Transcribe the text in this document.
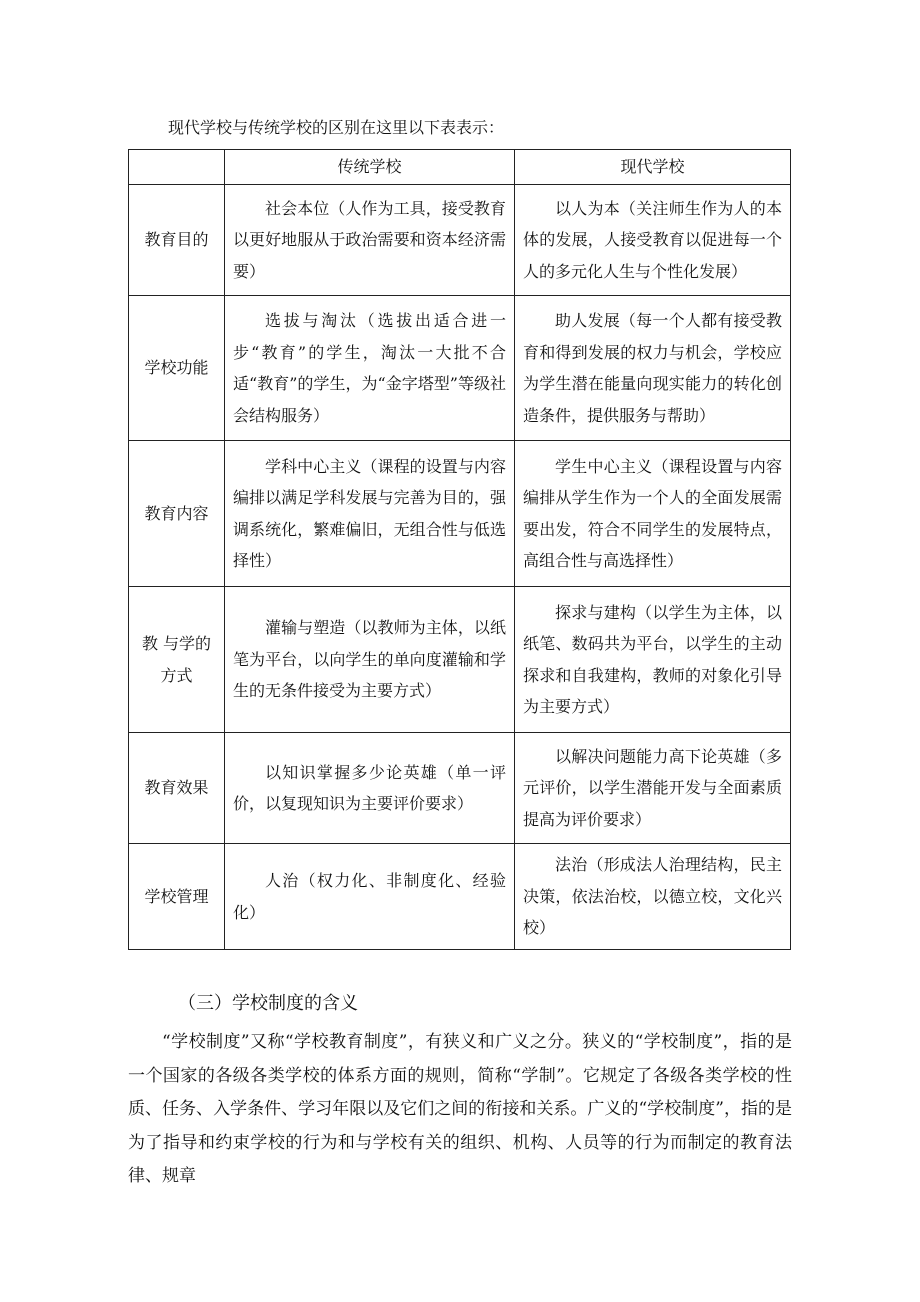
现代学校与传统学校的区别在这里以下表表示：

	传统学校	现代学校
教育目的	社会本位（人作为工具，接受教育以更好地服从于政治需要和资本经济需要）	以人为本（关注师生作为人的本体的发展，人接受教育以促进每一个人的多元化人生与个性化发展）
学校功能	选拔与淘汰（选拔出适合进一步“教育”的学生，淘汰一大批不合适“教育”的学生，为“金字塔型”等级社会结构服务）	助人发展（每一个人都有接受教育和得到发展的权力与机会，学校应为学生潜在能量向现实能力的转化创造条件，提供服务与帮助）
教育内容	学科中心主义（课程的设置与内容编排以满足学科发展与完善为目的，强调系统化，繁难偏旧，无组合性与低选择性）	学生中心主义（课程设置与内容编排从学生作为一个人的全面发展需要出发，符合不同学生的发展特点，高组合性与高选择性）
教 与学的方式	灌输与塑造（以教师为主体，以纸笔为平台，以向学生的单向度灌输和学生的无条件接受为主要方式）	探求与建构（以学生为主体，以纸笔、数码共为平台，以学生的主动探求和自我建构，教师的对象化引导为主要方式）
教育效果	以知识掌握多少论英雄（单一评价，以复现知识为主要评价要求）	以解决问题能力高下论英雄（多元评价，以学生潜能开发与全面素质提高为评价要求）
学校管理	人治（权力化、非制度化、经验化）	法治（形成法人治理结构，民主决策，依法治校，以德立校，文化兴校）
（三）学校制度的含义

“学校制度”又称“学校教育制度”，有狭义和广义之分。狭义的“学校制度”，指的是一个国家的各级各类学校的体系方面的规则，简称“学制”。它规定了各级各类学校的性质、任务、入学条件、学习年限以及它们之间的衔接和关系。广义的“学校制度”，指的是为了指导和约束学校的行为和与学校有关的组织、机构、人员等的行为而制定的教育法律、规章
